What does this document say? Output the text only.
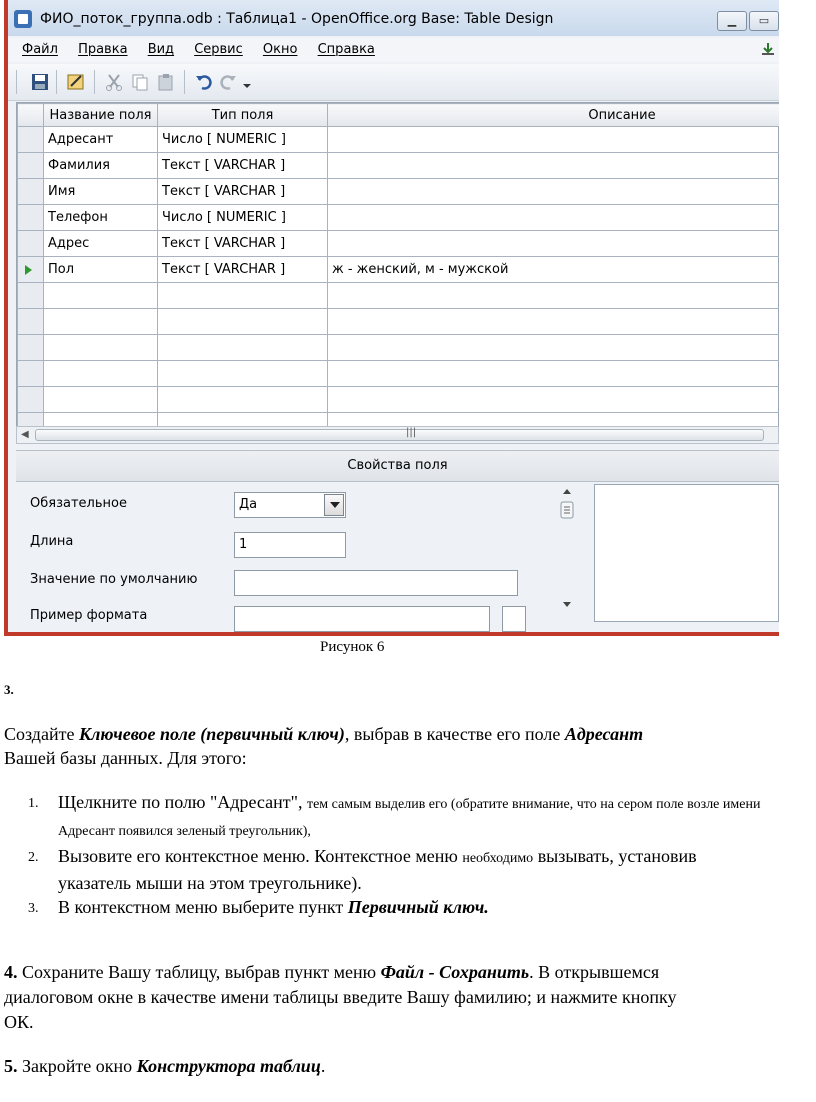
ФИО_поток_группа.odb : Таблица1 - OpenOffice.org Base: Table Design	▁	▭
Файл Правка Вид Сервис Окно Справка
	Название поля	Тип поля	Описание
	Адресант	Число [ NUMERIC ]	
	Фамилия	Текст [ VARCHAR ]	
	Имя	Текст [ VARCHAR ]	
	Телефон	Число [ NUMERIC ]	
	Адрес	Текст [ VARCHAR ]	

	Пол	Текст [ VARCHAR ]	ж - женский, м - мужской

◀	|||
Свойства поля
Обязательное	Да
Длина	1
Значение по умолчанию
Пример формата
Рисунок 6
3.
Создайте Ключевое поле (первичный ключ), выбрав в качестве его поле Адресант Вашей базы данных. Для этого:
1. Щелкните по полю "Адресант", тем самым выделив его (обратите внимание, что на сером поле возле имени Адресант появился зеленый треугольник),
2. Вызовите его контекстное меню. Контекстное меню необходимо вызывать, установив указатель мыши на этом треугольнике).
3. В контекстном меню выберите пункт Первичный ключ.
4. Сохраните Вашу таблицу, выбрав пункт меню Файл - Сохранить. В открывшемся диалоговом окне в качестве имени таблицы введите Вашу фамилию; и нажмите кнопку ОК.
5. Закройте окно Конструктора таблиц.
